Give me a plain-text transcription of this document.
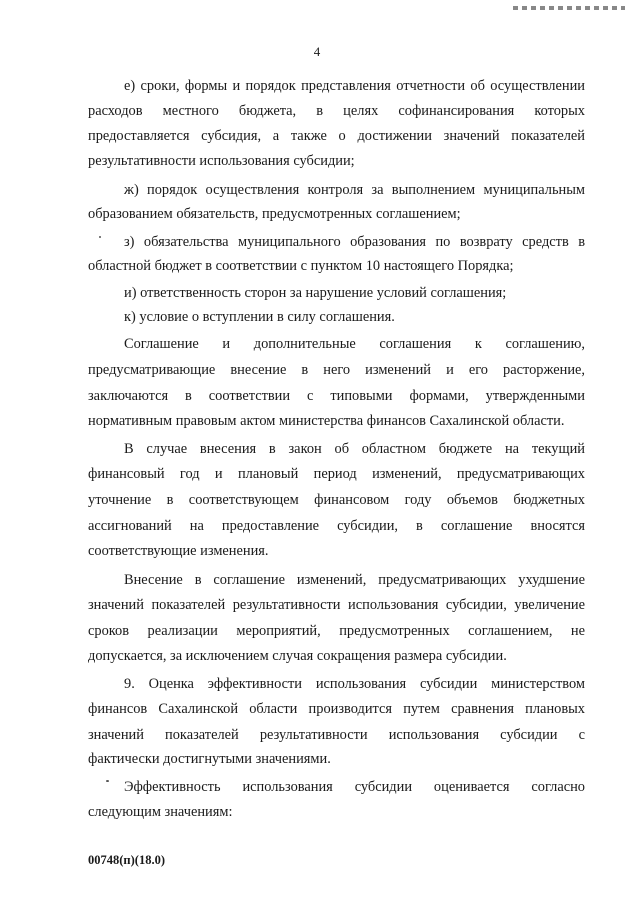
4
е) сроки, формы и порядок представления отчетности об осуществлении
расходов местного бюджета, в целях софинансирования которых
предоставляется субсидия, а также о достижении значений показателей
результативности использования субсидии;
ж) порядок осуществления контроля за выполнением муниципальным
образованием обязательств, предусмотренных соглашением;
з) обязательства муниципального образования по возврату средств в
областной бюджет в соответствии с пунктом 10 настоящего Порядка;
и) ответственность сторон за нарушение условий соглашения;
к) условие о вступлении в силу соглашения.
Соглашение и дополнительные соглашения к соглашению,
предусматривающие внесение в него изменений и его расторжение,
заключаются в соответствии с типовыми формами, утвержденными
нормативным правовым актом министерства финансов Сахалинской области.
В случае внесения в закон об областном бюджете на текущий
финансовый год и плановый период изменений, предусматривающих
уточнение в соответствующем финансовом году объемов бюджетных
ассигнований на предоставление субсидии, в соглашение вносятся
соответствующие изменения.
Внесение в соглашение изменений, предусматривающих ухудшение
значений показателей результативности использования субсидии, увеличение
сроков реализации мероприятий, предусмотренных соглашением, не
допускается, за исключением случая сокращения размера субсидии.
9. Оценка эффективности использования субсидии министерством
финансов Сахалинской области производится путем сравнения плановых
значений показателей результативности использования субсидии с
фактически достигнутыми значениями.
Эффективность использования субсидии оценивается согласно
следующим значениям:
00748(п)(18.0)
